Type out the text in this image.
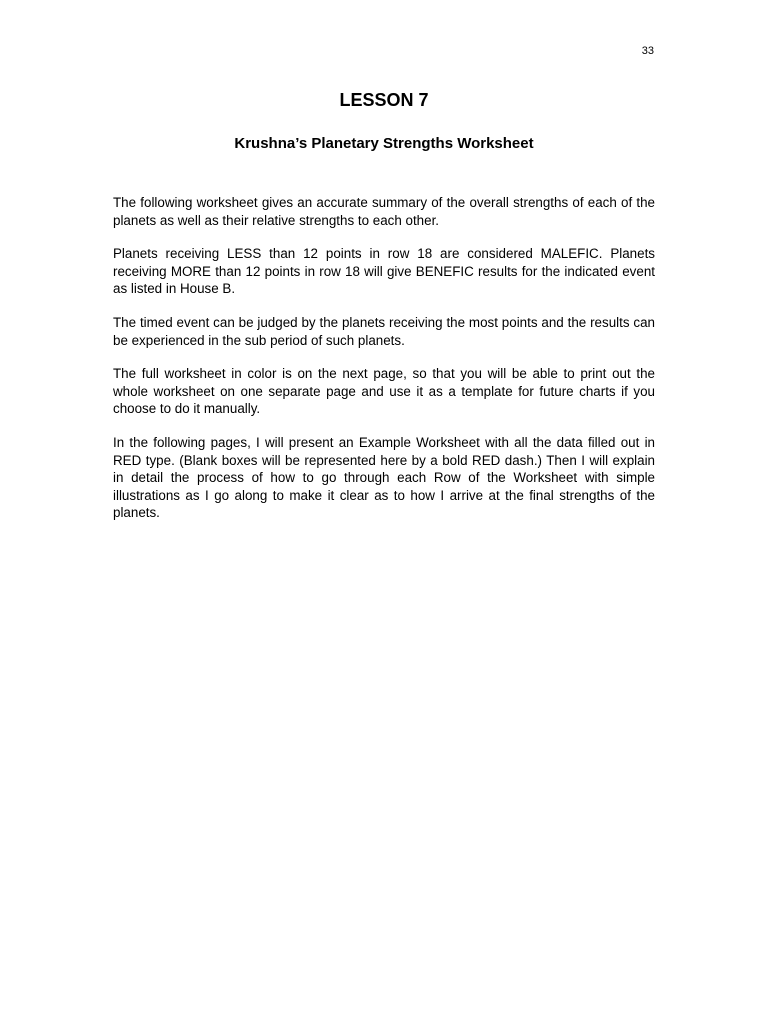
33
LESSON 7
Krushna’s Planetary Strengths Worksheet

The following worksheet gives an accurate summary of the overall strengths of each of the planets as well as their relative strengths to each other.

Planets receiving LESS than 12 points in row 18 are considered MALEFIC. Planets receiving MORE than 12 points in row 18 will give BENEFIC results for the indicated event as listed in House B.

The timed event can be judged by the planets receiving the most points and the results can be experienced in the sub period of such planets.

The full worksheet in color is on the next page, so that you will be able to print out the whole worksheet on one separate page and use it as a template for future charts if you choose to do it manually.

In the following pages, I will present an Example Worksheet with all the data filled out in RED type. (Blank boxes will be represented here by a bold RED dash.) Then I will explain in detail the process of how to go through each Row of the Worksheet with simple illustrations as I go along to make it clear as to how I arrive at the final strengths of the planets.
